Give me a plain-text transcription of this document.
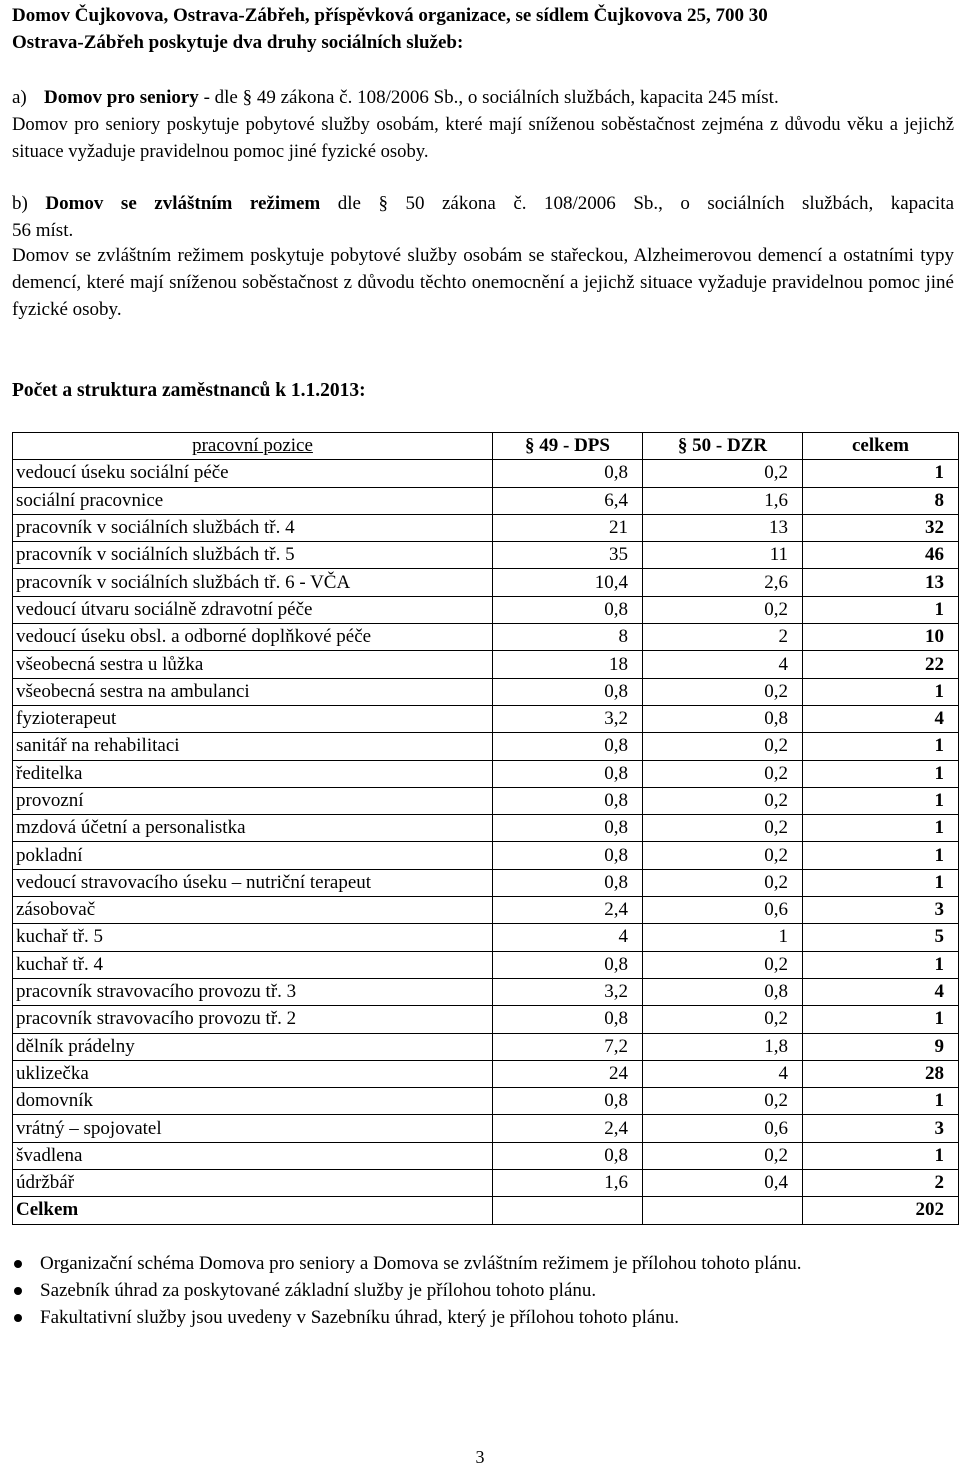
Domov Čujkovova, Ostrava-Zábřeh, příspěvková organizace, se sídlem Čujkovova 25, 700 30
Ostrava-Zábřeh poskytuje dva druhy sociálních služeb:
a) Domov pro seniory - dle § 49 zákona č. 108/2006 Sb., o sociálních službách, kapacita 245 míst.
Domov pro seniory poskytuje pobytové služby osobám, které mají sníženou soběstačnost zejména z důvodu věku a jejichž situace vyžaduje pravidelnou pomoc jiné fyzické osoby.
b) Domov se zvláštním režimem dle § 50 zákona č. 108/2006 Sb., o sociálních službách, kapacita
56 míst.
Domov se zvláštním režimem poskytuje pobytové služby osobám se stařeckou, Alzheimerovou demencí a ostatními typy demencí, které mají sníženou soběstačnost z důvodu těchto onemocnění a jejichž situace vyžaduje pravidelnou pomoc jiné fyzické osoby.
Počet a struktura zaměstnanců k 1.1.2013:
pracovní pozice	§ 49 - DPS	§ 50 - DZR	celkem
vedoucí úseku sociální péče	0,8	0,2	1
sociální pracovnice	6,4	1,6	8
pracovník v sociálních službách tř. 4	21	13	32
pracovník v sociálních službách tř. 5	35	11	46
pracovník v sociálních službách tř. 6 - VČA	10,4	2,6	13
vedoucí útvaru sociálně zdravotní péče	0,8	0,2	1
vedoucí úseku obsl. a odborné doplňkové péče	8	2	10
všeobecná sestra u lůžka	18	4	22
všeobecná sestra na ambulanci	0,8	0,2	1
fyzioterapeut	3,2	0,8	4
sanitář na rehabilitaci	0,8	0,2	1
ředitelka	0,8	0,2	1
provozní	0,8	0,2	1
mzdová účetní a personalistka	0,8	0,2	1
pokladní	0,8	0,2	1
vedoucí stravovacího úseku – nutriční terapeut	0,8	0,2	1
zásobovač	2,4	0,6	3
kuchař tř. 5	4	1	5
kuchař tř. 4	0,8	0,2	1
pracovník stravovacího provozu tř. 3	3,2	0,8	4
pracovník stravovacího provozu tř. 2	0,8	0,2	1
dělník prádelny	7,2	1,8	9
uklizečka	24	4	28
domovník	0,8	0,2	1
vrátný – spojovatel	2,4	0,6	3
švadlena	0,8	0,2	1
údržbář	1,6	0,4	2
Celkem			202
Organizační schéma Domova pro seniory a Domova se zvláštním režimem je přílohou tohoto plánu.
Sazebník úhrad za poskytované základní služby je přílohou tohoto plánu.
Fakultativní služby jsou uvedeny v Sazebníku úhrad, který je přílohou tohoto plánu.
3
